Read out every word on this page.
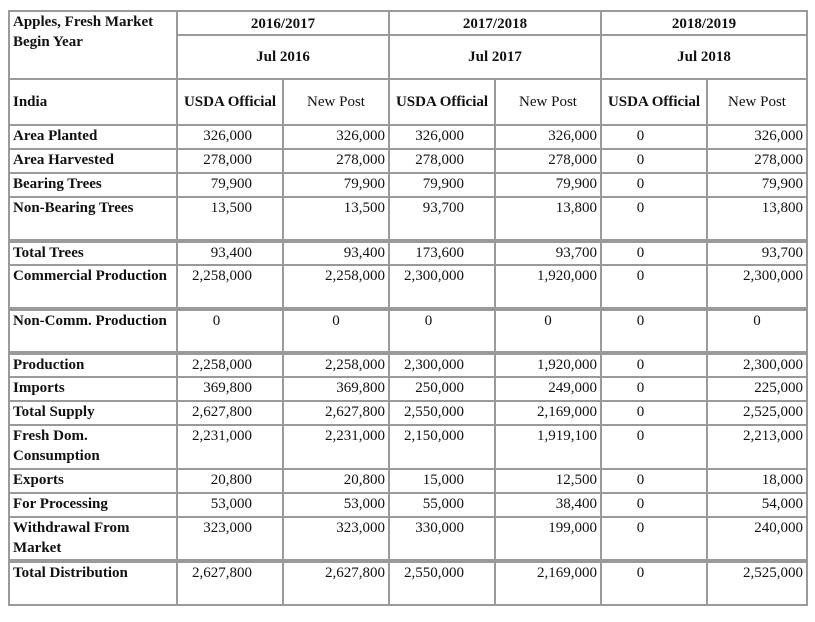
Apples, Fresh Market Begin Year	2016/2017		2017/2018		2018/2019	
	Jul 2016		Jul 2017		Jul 2018	
India	USDA Official	New Post	USDA Official	New Post	USDA Official	New Post
Area Planted	326,000	326,000	326,000	326,000	0	326,000
Area Harvested	278,000	278,000	278,000	278,000	0	278,000
Bearing Trees	79,900	79,900	79,900	79,900	0	79,900
Non-Bearing Trees	13,500	13,500	93,700	13,800	0	13,800
Total Trees	93,400	93,400	173,600	93,700	0	93,700
Commercial Production	2,258,000	2,258,000	2,300,000	1,920,000	0	2,300,000
Non-Comm. Production	0	0	0	0	0	0
Production	2,258,000	2,258,000	2,300,000	1,920,000	0	2,300,000
Imports	369,800	369,800	250,000	249,000	0	225,000
Total Supply	2,627,800	2,627,800	2,550,000	2,169,000	0	2,525,000
Fresh Dom. Consumption	2,231,000	2,231,000	2,150,000	1,919,100	0	2,213,000
Exports	20,800	20,800	15,000	12,500	0	18,000
For Processing	53,000	53,000	55,000	38,400	0	54,000
Withdrawal From Market	323,000	323,000	330,000	199,000	0	240,000
Total Distribution	2,627,800	2,627,800	2,550,000	2,169,000	0	2,525,000
